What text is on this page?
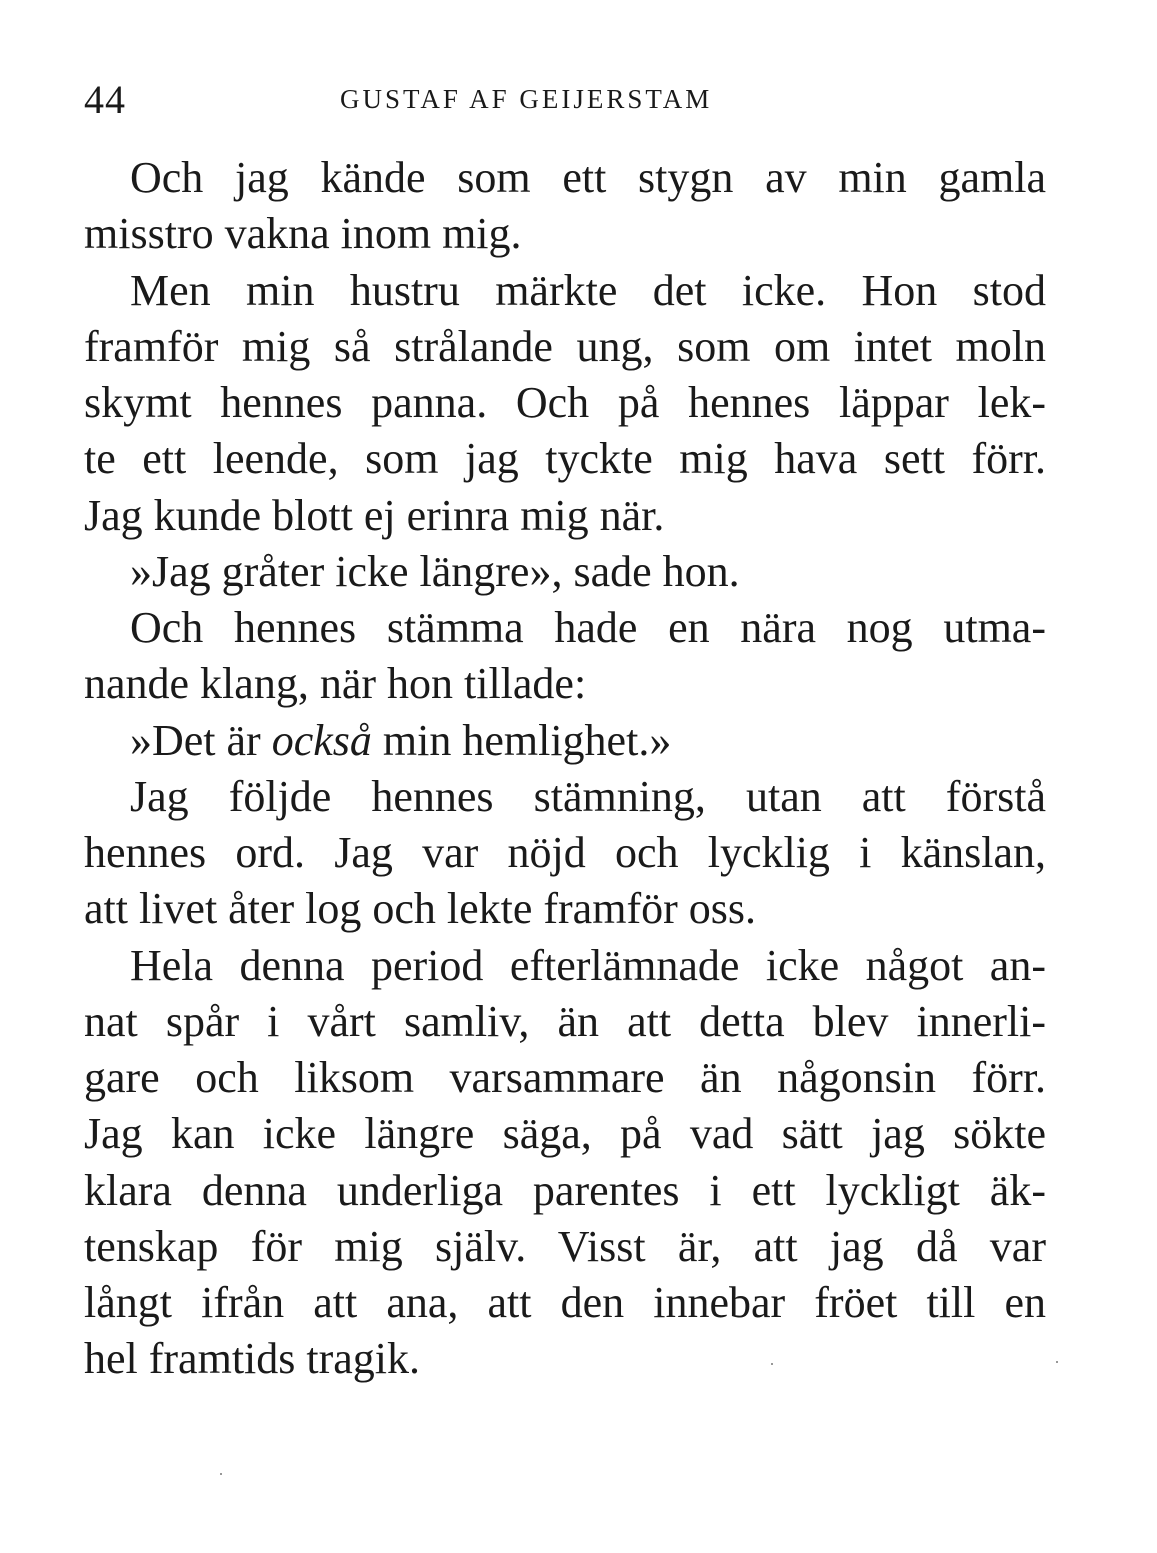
44	GUSTAF AF GEIJERSTAM
Och jag kände som ett stygn av min gamla
misstro vakna inom mig.
Men min hustru märkte det icke. Hon stod
framför mig så strålande ung, som om intet moln
skymt hennes panna. Och på hennes läppar lek-
te ett leende, som jag tyckte mig hava sett förr.
Jag kunde blott ej erinra mig när.
»Jag gråter icke längre», sade hon.
Och hennes stämma hade en nära nog utma-
nande klang, när hon tillade:
»Det är också min hemlighet.»
Jag följde hennes stämning, utan att förstå
hennes ord. Jag var nöjd och lycklig i känslan,
att livet åter log och lekte framför oss.
Hela denna period efterlämnade icke något an-
nat spår i vårt samliv, än att detta blev innerli-
gare och liksom varsammare än någonsin förr.
Jag kan icke längre säga, på vad sätt jag sökte
klara denna underliga parentes i ett lyckligt äk-
tenskap för mig själv. Visst är, att jag då var
långt ifrån att ana, att den innebar fröet till en
hel framtids tragik.
